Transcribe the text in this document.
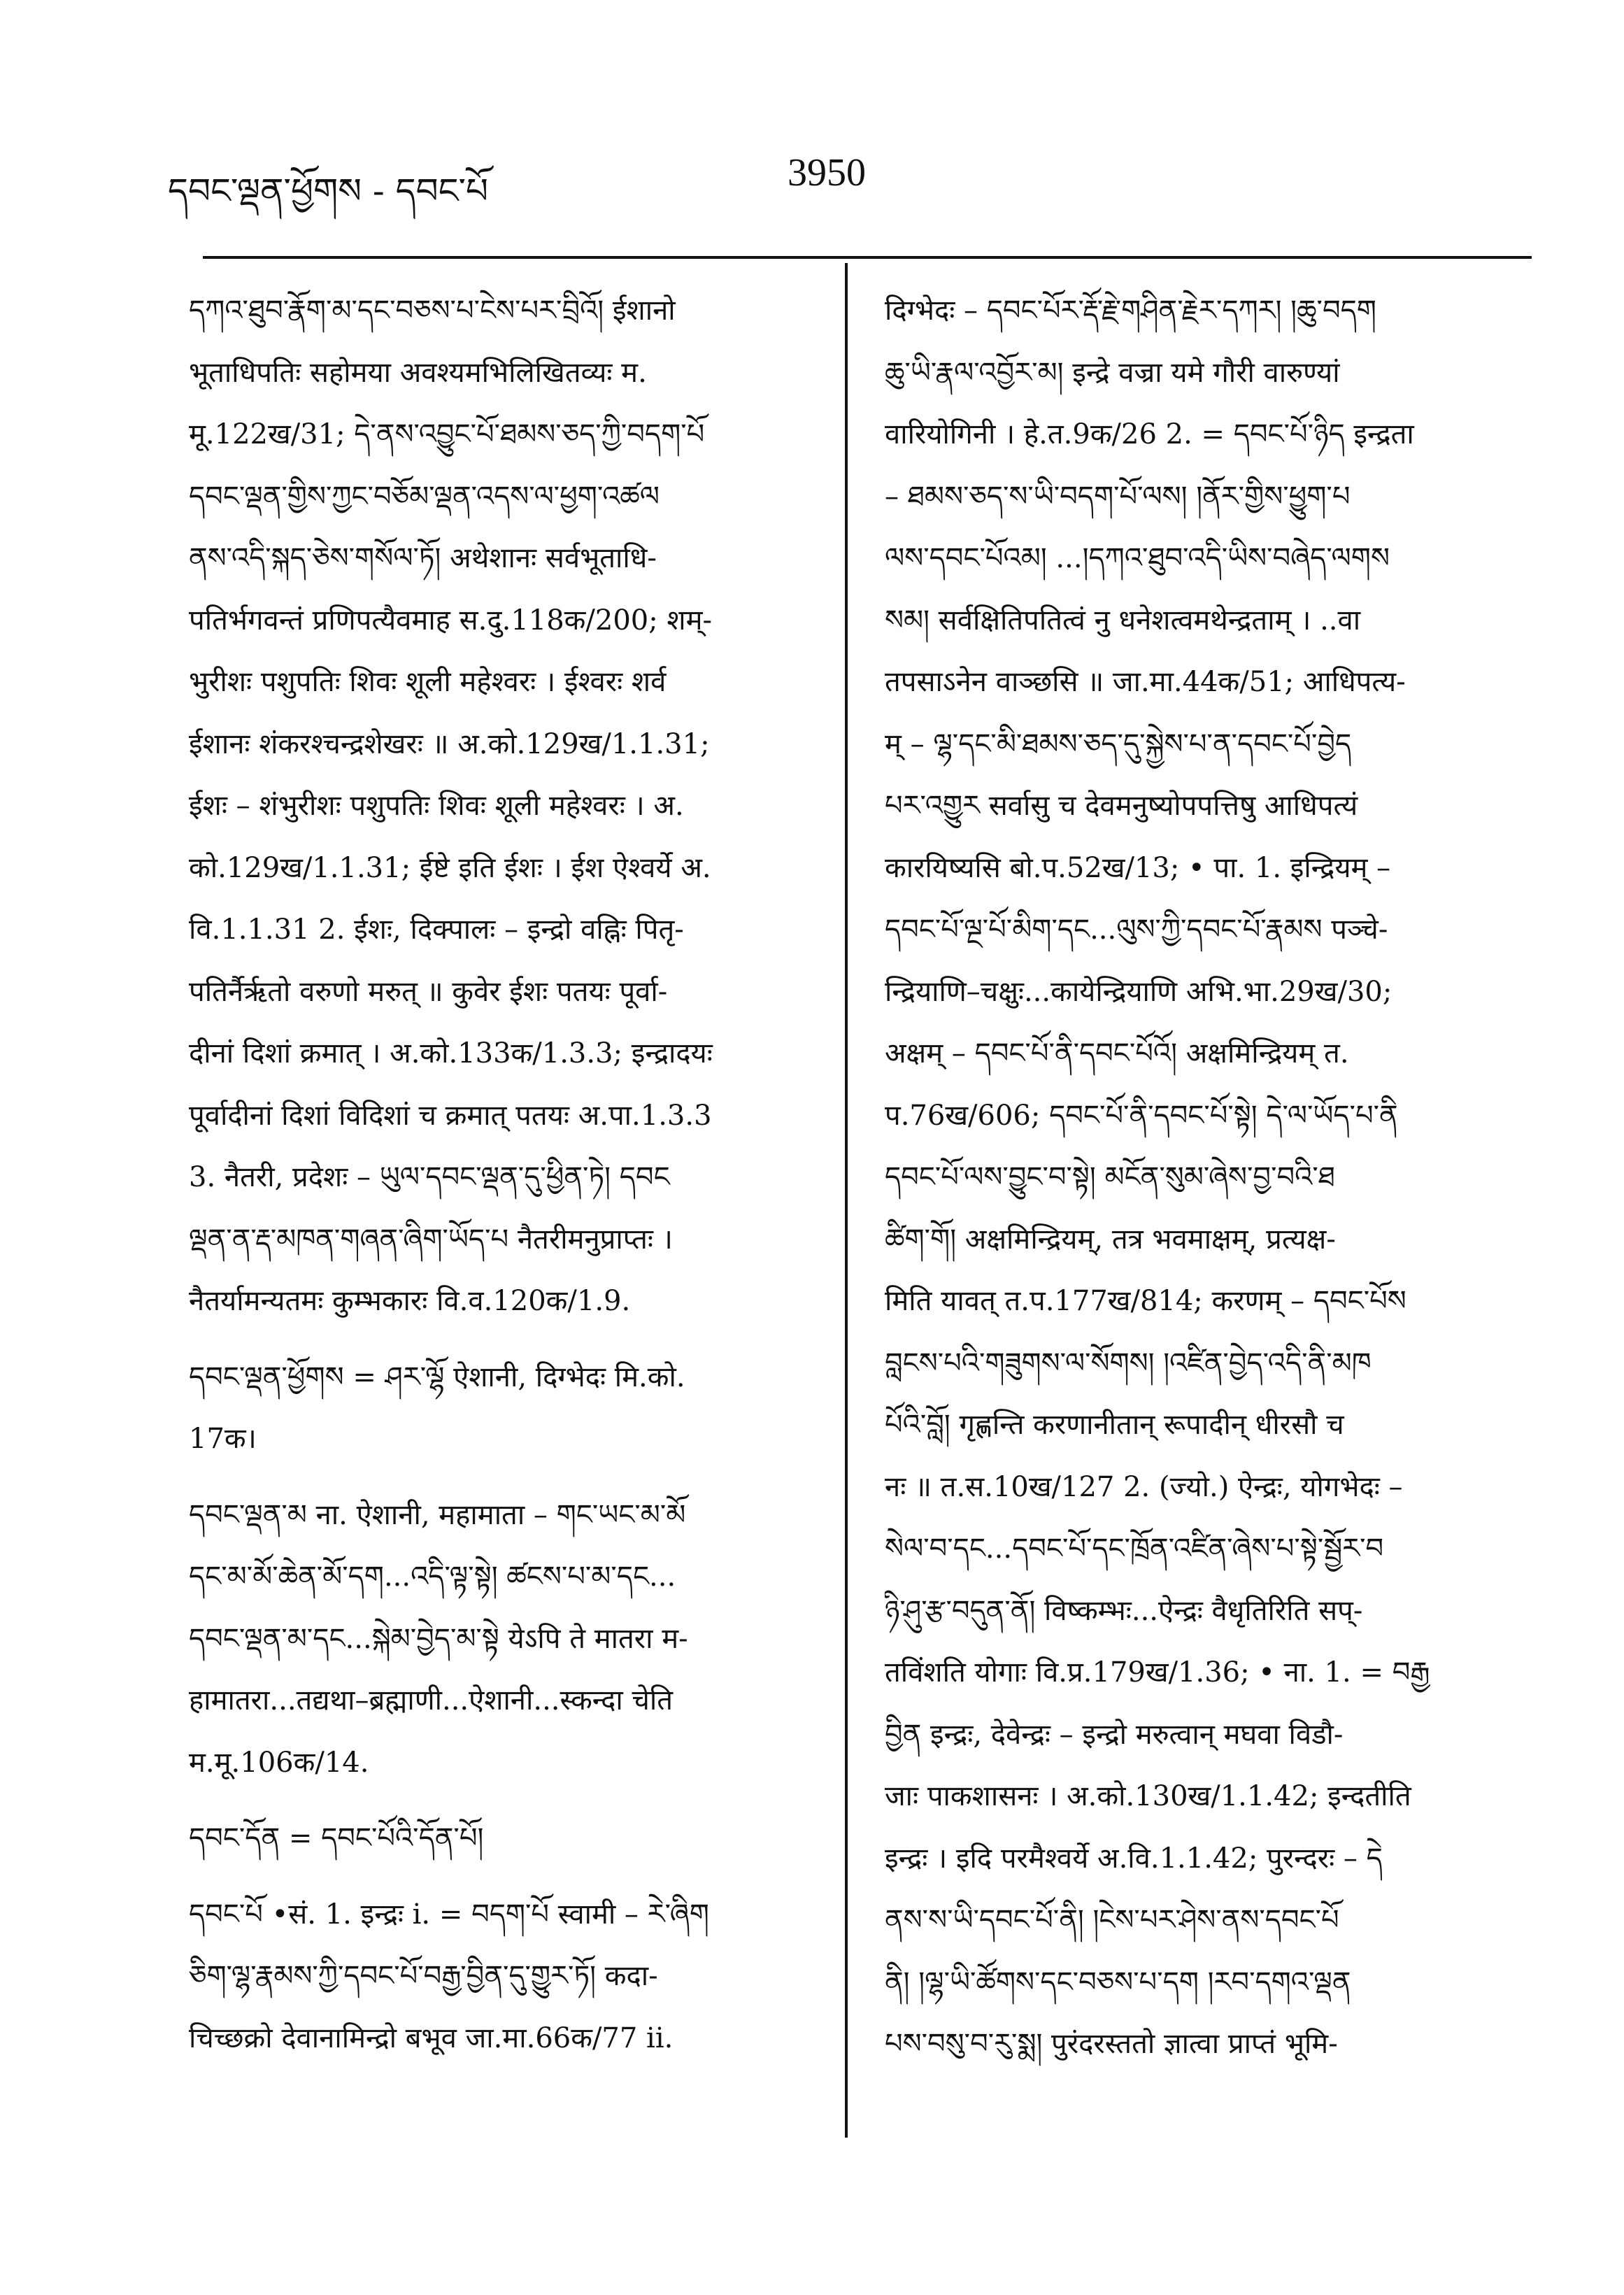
དབང་ལྡན་ཕྱོགས - དབང་པོ	3950
དཀའ་ཐུབ་རྣོག་མ་དང་བཅས་པ་ངེས་པར་བྲིའོ། ईशानो
भूताधिपतिः सहोमया अवश्यमभिलिखितव्यः म.
मू.122ख/31; དེ་ནས་འབྱུང་པོ་ཐམས་ཅད་ཀྱི་བདག་པོ
དབང་ལྡན་གྱིས་ཀྱང་བཅོམ་ལྡན་འདས་ལ་ཕྱག་འཚལ
ནས་འདི་སྐད་ཅེས་གསོལ་ཏོ། अथेशानः सर्वभूताधि-
पतिर्भगवन्तं प्रणिपत्यैवमाह स.दु.118क/200; शम्-
भुरीशः पशुपतिः शिवः शूली महेश्वरः । ईश्वरः शर्व
ईशानः शंकरश्चन्द्रशेखरः ॥ अ.को.129ख/1.1.31;
ईशः – शंभुरीशः पशुपतिः शिवः शूली महेश्वरः । अ.
को.129ख/1.1.31; ईष्टे इति ईशः । ईश ऐश्वर्ये अ.
वि.1.1.31 2. ईशः, दिक्पालः – इन्द्रो वह्निः पितृ-
पतिर्नैर्ऋतो वरुणो मरुत् ॥ कुवेर ईशः पतयः पूर्वा-
दीनां दिशां क्रमात् । अ.को.133क/1.3.3; इन्द्रादयः
पूर्वादीनां दिशां विदिशां च क्रमात् पतयः अ.पा.1.3.3
3. नैतरी, प्रदेशः – ཡུལ་དབང་ལྡན་དུ་ཕྱིན་ཏེ། དབང
ལྡན་ན་རྡ་མཁན་གཞན་ཞིག་ཡོད་པ नैतरीमनुप्राप्तः ।
नैतर्यामन्यतमः कुम्भकारः वि.व.120क/1.9.
དབང་ལྡན་ཕྱོགས = ཤར་ལྷོ ऐशानी, दिग्भेदः मि.को.
17क।
དབང་ལྡན་མ ना. ऐशानी, महामाता – གང་ཡང་མ་མོ
དང་མ་མོ་ཆེན་མོ་དག...འདི་ལྟ་སྟེ། ཚངས་པ་མ་དང...
དབང་ལྡན་མ་དང...སྐེམ་བྱེད་མ་སྟེ येऽपि ते मातरा म-
हामातरा...तद्यथा–ब्रह्माणी...ऐशानी...स्कन्दा चेति
म.मू.106क/14.
དབང་དོན = དབང་པོའི་དོན་པོ།
དབང་པོ •सं. 1. इन्द्रः i. = བདག་པོ स्वामी – རེ་ཞིག
ཅིག་ལྷ་རྣམས་ཀྱི་དབང་པོ་བརྒྱ་བྱིན་དུ་གྱུར་ཏོ། कदा-
चिच्छक्रो देवानामिन्द्रो बभूव जा.मा.66क/77 ii.
दिग्भेदः – དབང་པོར་རྡོ་རྗེ་གཤིན་རྗེར་དཀར། །ཆུ་བདག
ཆུ་ཡི་རྣལ་འབྱོར་མ། इन्द्रे वज्रा यमे गौरी वारुण्यां
वारियोगिनी । हे.त.9क/26 2. = དབང་པོ་ཉིད इन्द्रता
– ཐམས་ཅད་ས་ཡི་བདག་པོ་ལས། །ནོར་གྱིས་ཕྱུག་པ
ལས་དབང་པོའམ། ...།དཀའ་ཐུབ་འདི་ཡིས་བཞེད་ལགས
སམ། सर्वक्षितिपतित्वं नु धनेशत्वमथेन्द्रताम् । ..वा
तपसाऽनेन वाञ्छसि ॥ जा.मा.44क/51; आधिपत्य-
म् – ལྷ་དང་མི་ཐམས་ཅད་དུ་སྐྱེས་པ་ན་དབང་པོ་བྱེད
པར་འགྱུར सर्वासु च देवमनुष्योपपत्तिषु आधिपत्यं
कारयिष्यसि बो.प.52ख/13; • पा. 1. इन्द्रियम् –
དབང་པོ་ལྔ་པོ་མིག་དང...ལུས་ཀྱི་དབང་པོ་རྣམས पञ्चे-
न्द्रियाणि–चक्षुः...कायेन्द्रियाणि अभि.भा.29ख/30;
अक्षम् – དབང་པོ་ནི་དབང་པོའོ། अक्षमिन्द्रियम् त.
प.76ख/606; དབང་པོ་ནི་དབང་པོ་སྟེ། དེ་ལ་ཡོད་པ་ནི
དབང་པོ་ལས་བྱུང་བ་སྟེ། མངོན་སུམ་ཞེས་བྱ་བའི་ཐ
ཚིག་གོ། अक्षमिन्द्रियम्, तत्र भवमाक्षम्, प्रत्यक्ष-
मिति यावत् त.प.177ख/814; करणम् – དབང་པོས
བླངས་པའི་གཟུགས་ལ་སོགས། །འཛིན་བྱེད་འདི་ནི་མཁ
པོའི་བློ། गृह्णन्ति करणानीतान् रूपादीन् धीरसौ च
नः ॥ त.स.10ख/127 2. (ज्यो.) ऐन्द्रः, योगभेदः –
སེལ་བ་དང...དབང་པོ་དང་ཁྲོན་འཛིན་ཞེས་པ་སྟེ་སྦྱོར་བ
ཉི་ཤུ་རྩ་བདུན་ནོ། विष्कम्भः...ऐन्द्रः वैधृतिरिति सप्-
तविंशति योगाः वि.प्र.179ख/1.36; • ना. 1. = བརྒྱ
བྱིན इन्द्रः, देवेन्द्रः – इन्द्रो मरुत्वान् मघवा विडौ-
जाः पाकशासनः । अ.को.130ख/1.1.42; इन्दतीति
इन्द्रः । इदि परमैश्वर्ये अ.वि.1.1.42; पुरन्दरः – དེ
ནས་ས་ཡི་དབང་པོ་ནི། །ངེས་པར་ཤེས་ནས་དབང་པོ
ནི། །ལྷ་ཡི་ཚོགས་དང་བཅས་པ་དག །རབ་དགའ་ལྡན
པས་བསུ་བ་རུ་སྨ། पुरंदरस्ततो ज्ञात्वा प्राप्तं भूमि-
